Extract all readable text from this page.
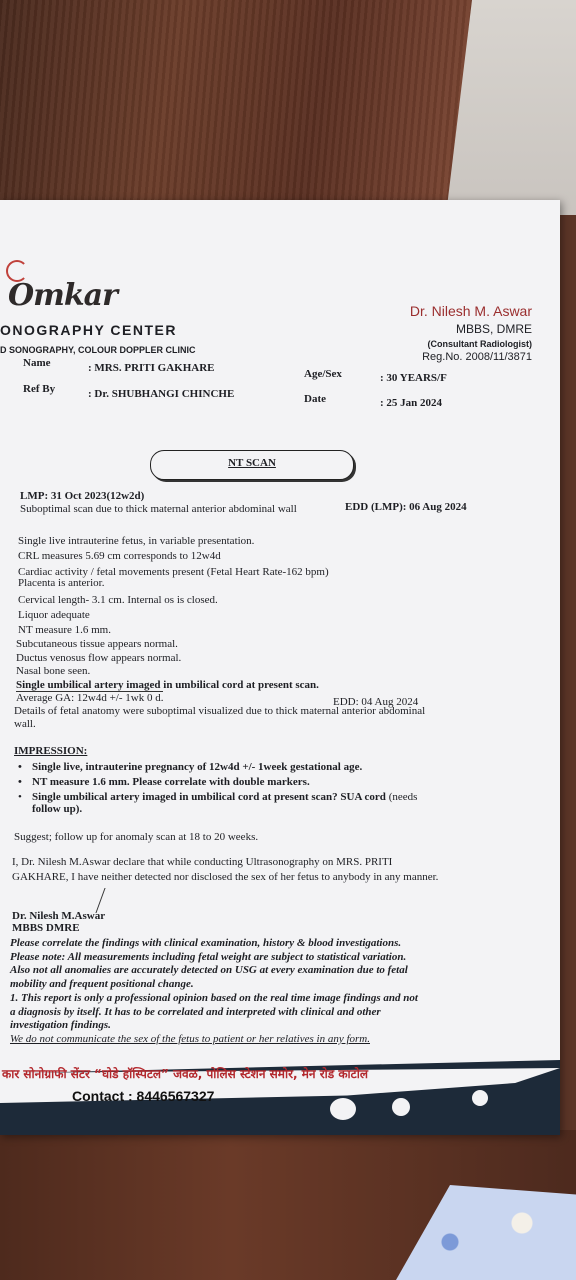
Omkar
ONOGRAPHY CENTER
D SONOGRAPHY, COLOUR DOPPLER CLINIC
Dr. Nilesh M. Aswar
MBBS, DMRE
(Consultant Radiologist)
Reg.No. 2008/11/3871
Name	: MRS. PRITI GAKHARE
Ref By	: Dr. SHUBHANGI CHINCHE
Age/Sex	: 30 YEARS/F
Date	: 25 Jan 2024
NT SCAN
LMP: 31 Oct 2023(12w2d)
EDD (LMP): 06 Aug 2024
Suboptimal scan due to thick maternal anterior abdominal wall
Single live intrauterine fetus, in variable presentation.
CRL measures 5.69 cm corresponds to 12w4d
Cardiac activity / fetal movements present (Fetal Heart Rate-162 bpm)
Placenta is anterior.
Cervical length- 3.1 cm. Internal os is closed.
Liquor adequate
NT measure 1.6 mm.
Subcutaneous tissue appears normal.
Ductus venosus flow appears normal.
Nasal bone seen.
Single umbilical artery imaged in umbilical cord at present scan.
Average GA: 12w4d +/- 1wk 0 d.	EDD: 04 Aug 2024
Details of fetal anatomy were suboptimal visualized due to thick maternal anterior abdominal
wall.
IMPRESSION:
• Single live, intrauterine pregnancy of 12w4d +/- 1week gestational age.
• NT measure 1.6 mm. Please correlate with double markers.
• Single umbilical artery imaged in umbilical cord at present scan? SUA cord (needs
follow up).
Suggest; follow up for anomaly scan at 18 to 20 weeks.
I, Dr. Nilesh M.Aswar declare that while conducting Ultrasonography on MRS. PRITI
GAKHARE, I have neither detected nor disclosed the sex of her fetus to anybody in any manner.
Dr. Nilesh M.Aswar
MBBS DMRE
Please correlate the findings with clinical examination, history & blood investigations.
Please note: All measurements including fetal weight are subject to statistical variation.
Also not all anomalies are accurately detected on USG at every examination due to fetal
mobility and frequent positional change.
1. This report is only a professional opinion based on the real time image findings and not
a diagnosis by itself. It has to be correlated and interpreted with clinical and other
investigation findings.
We do not communicate the sex of the fetus to patient or her relatives in any form.
कार सोनोग्राफी सेंटर “घोडे हॉस्पिटल” जवळ, पोलिस स्टेशन समोर, मेन रोड काटोल
Contact : 8446567327
